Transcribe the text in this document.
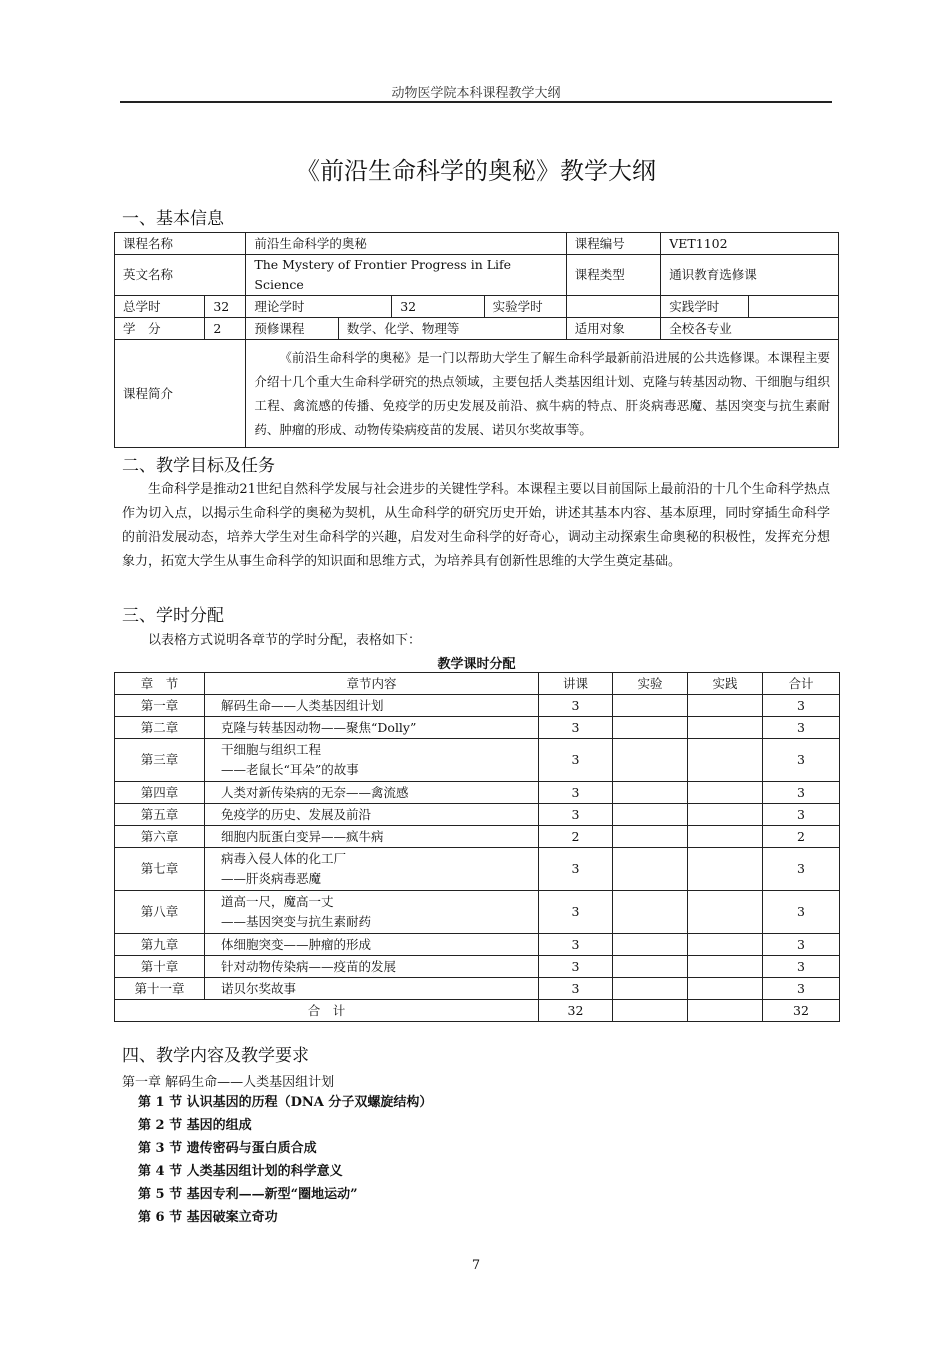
动物医学院本科课程教学大纲
《前沿生命科学的奥秘》教学大纲
一、基本信息
课程名称		前沿生命科学的奥秘				课程编号	VET1102	
英文名称		The Mystery of Frontier Progress in Life Science				课程类型	通识教育选修课	
总学时	32	理论学时		32	实验学时		实践学时	
学　分	2	预修课程	数学、化学、物理等			适用对象	全校各专业	
课程简介		《前沿生命科学的奥秘》是一门以帮助大学生了解生命科学最新前沿进展的公共选修课。本课程主要介绍十几个重大生命科学研究的热点领域，主要包括人类基因组计划、克隆与转基因动物、干细胞与组织工程、禽流感的传播、免疫学的历史发展及前沿、疯牛病的特点、肝炎病毒恶魔、基因突变与抗生素耐药、肿瘤的形成、动物传染病疫苗的发展、诺贝尔奖故事等。						
二、教学目标及任务
生命科学是推动21世纪自然科学发展与社会进步的关键性学科。本课程主要以目前国际上最前沿的十几个生命科学热点作为切入点，以揭示生命科学的奥秘为契机，从生命科学的研究历史开始，讲述其基本内容、基本原理，同时穿插生命科学的前沿发展动态，培养大学生对生命科学的兴趣，启发对生命科学的好奇心，调动主动探索生命奥秘的积极性，发挥充分想象力，拓宽大学生从事生命科学的知识面和思维方式，为培养具有创新性思维的大学生奠定基础。
三、学时分配
以表格方式说明各章节的学时分配，表格如下：
教学课时分配
章　节	章节内容	讲课	实验	实践	合计
第一章	解码生命——人类基因组计划	3			3
第二章	克隆与转基因动物——聚焦“Dolly”	3			3
第三章	干细胞与组织工程
——老鼠长“耳朵”的故事	3			3
第四章	人类对新传染病的无奈——禽流感	3			3
第五章	免疫学的历史、发展及前沿	3			3
第六章	细胞内朊蛋白变异——疯牛病	2			2
第七章	病毒入侵人体的化工厂
——肝炎病毒恶魔	3			3
第八章	道高一尺，魔高一丈
——基因突变与抗生素耐药	3			3
第九章	体细胞突变——肿瘤的形成	3			3
第十章	针对动物传染病——疫苗的发展	3			3
第十一章	诺贝尔奖故事	3			3
合　计		32			32
四、教学内容及教学要求
第一章 解码生命——人类基因组计划
第 1 节 认识基因的历程（DNA 分子双螺旋结构）
第 2 节 基因的组成
第 3 节 遗传密码与蛋白质合成
第 4 节 人类基因组计划的科学意义
第 5 节 基因专利——新型“圈地运动”
第 6 节 基因破案立奇功
7
